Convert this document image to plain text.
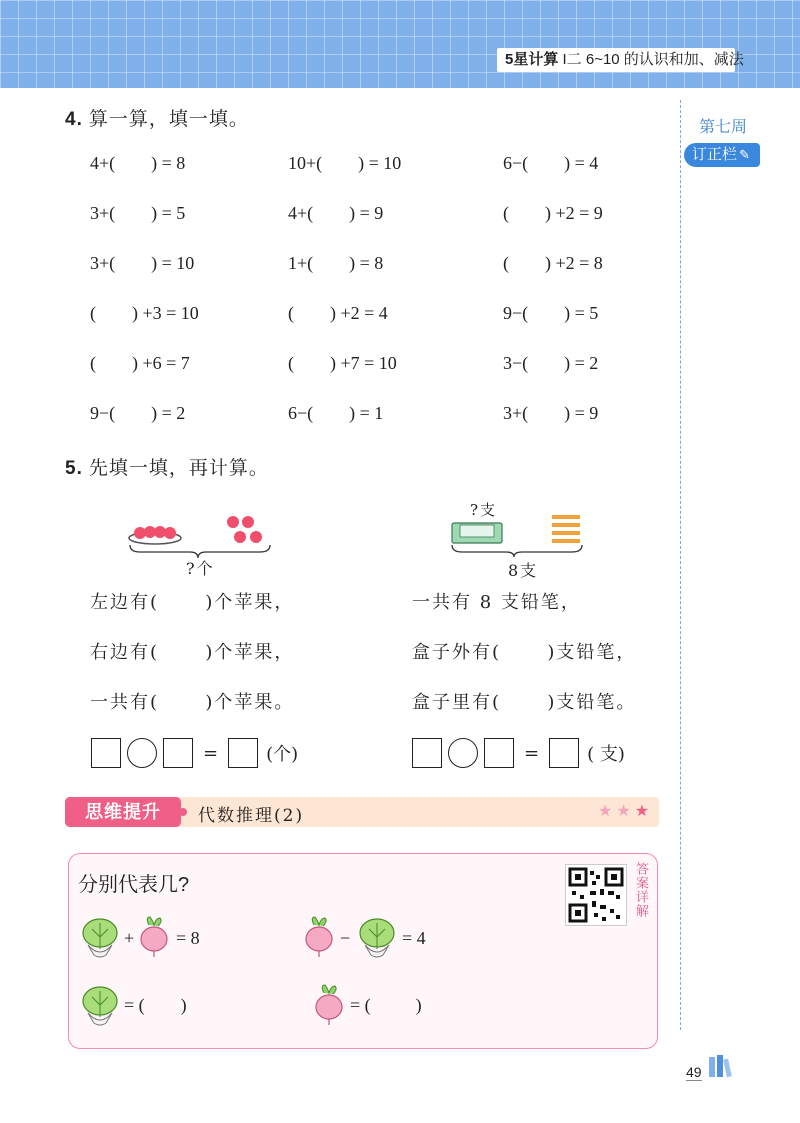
5星计算 I二 6~10 的认识和加、减法
第七周
订正栏 ✎
4. 算一算，填一填。
4+(        ) = 8	10+(        ) = 10	6−(        ) = 4
3+(        ) = 5	4+(        ) = 9	(        ) +2 = 9
3+(        ) = 10	1+(        ) = 8	(        ) +2 = 8
(        ) +3 = 10	(        ) +2 = 4	9−(        ) = 5
(        ) +6 = 7	(        ) +7 = 10	3−(        ) = 2
9−(        ) = 2	6−(        ) = 1	3+(        ) = 9
5. 先填一填，再计算。
?个
?支
8支
左边有(      )个苹果，
右边有(      )个苹果，
一共有(      )个苹果。
一共有 8 支铅笔，
盒子外有(      )支铅笔，
盒子里有(      )支铅笔。
=	(个)	=	( 支)
思维提升	代数推理(2)	★★★
分别代表几?	答案详解
+ = 8	−	= 4
= (        )	= (          )
49
